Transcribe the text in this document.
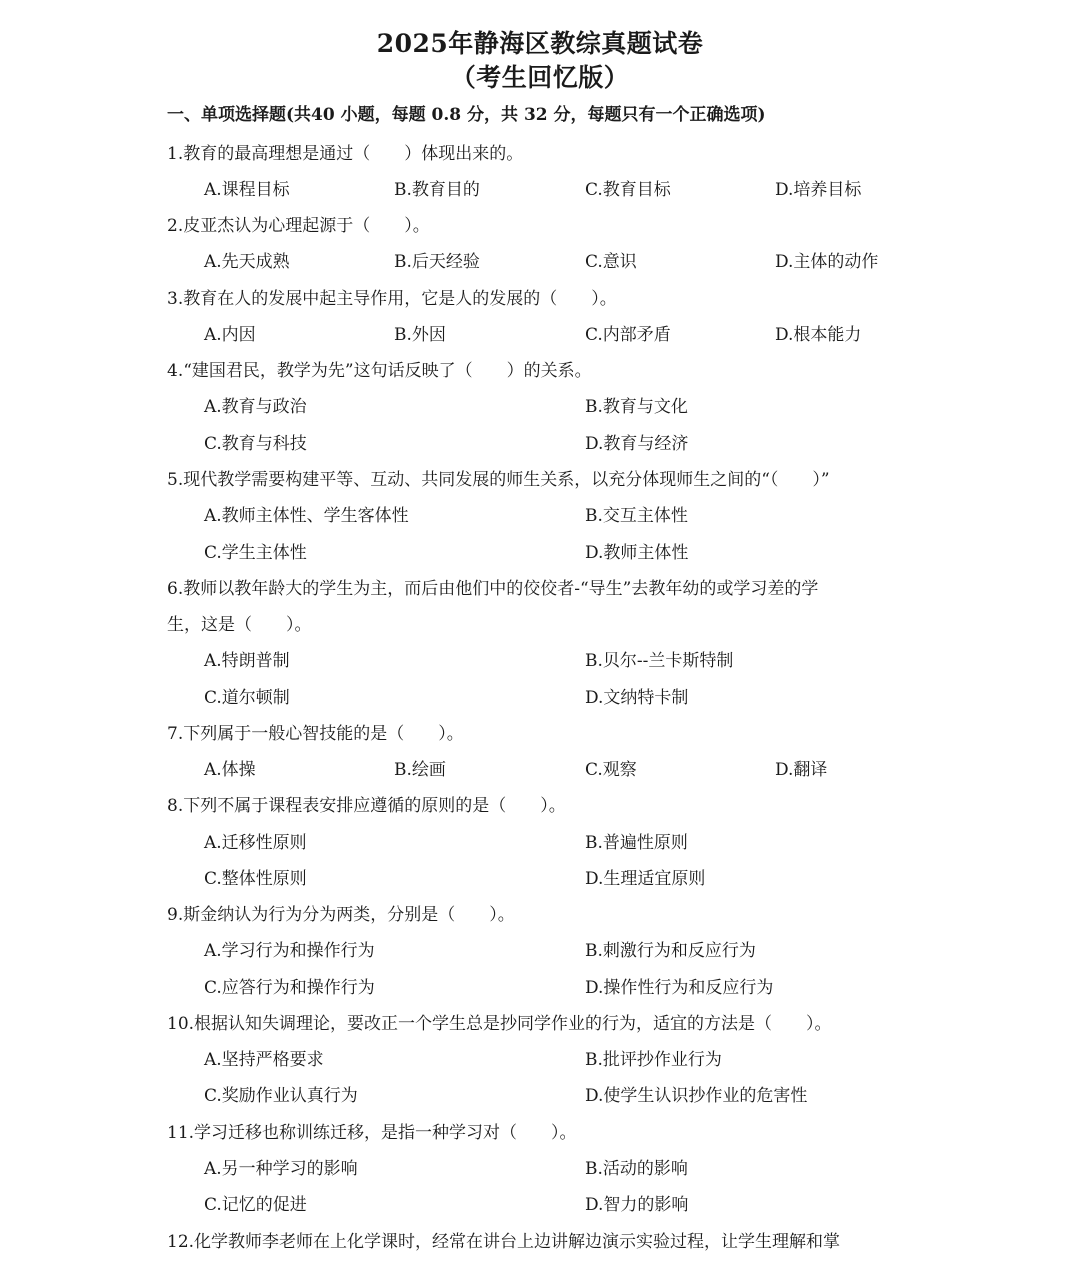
2025年静海区教综真题试卷
（考生回忆版）
一、单项选择题(共40 小题，每题 0.8 分，共 32 分，每题只有一个正确选项)
1.教育的最高理想是通过（　　）体现出来的。
A.课程目标	B.教育目的	C.教育目标	D.培养目标
2.皮亚杰认为心理起源于（　　）。
A.先天成熟	B.后天经验	C.意识	D.主体的动作
3.教育在人的发展中起主导作用，它是人的发展的（　　）。
A.内因	B.外因	C.内部矛盾	D.根本能力
4.“建国君民，教学为先”这句话反映了（　　）的关系。
A.教育与政治	B.教育与文化
C.教育与科技	D.教育与经济
5.现代教学需要构建平等、互动、共同发展的师生关系，以充分体现师生之间的“（　　）”
A.教师主体性、学生客体性	B.交互主体性
C.学生主体性	D.教师主体性
6.教师以教年龄大的学生为主，而后由他们中的佼佼者-“导生”去教年幼的或学习差的学
生，这是（　　）。
A.特朗普制	B.贝尔--兰卡斯特制
C.道尔顿制	D.文纳特卡制
7.下列属于一般心智技能的是（　　）。
A.体操	B.绘画	C.观察	D.翻译
8.下列不属于课程表安排应遵循的原则的是（　　）。
A.迁移性原则	B.普遍性原则
C.整体性原则	D.生理适宜原则
9.斯金纳认为行为分为两类，分别是（　　）。
A.学习行为和操作行为	B.刺激行为和反应行为
C.应答行为和操作行为	D.操作性行为和反应行为
10.根据认知失调理论，要改正一个学生总是抄同学作业的行为，适宜的方法是（　　）。
A.坚持严格要求	B.批评抄作业行为
C.奖励作业认真行为	D.使学生认识抄作业的危害性
11.学习迁移也称训练迁移，是指一种学习对（　　）。
A.另一种学习的影响	B.活动的影响
C.记忆的促进	D.智力的影响
12.化学教师李老师在上化学课时，经常在讲台上边讲解边演示实验过程，让学生理解和掌
